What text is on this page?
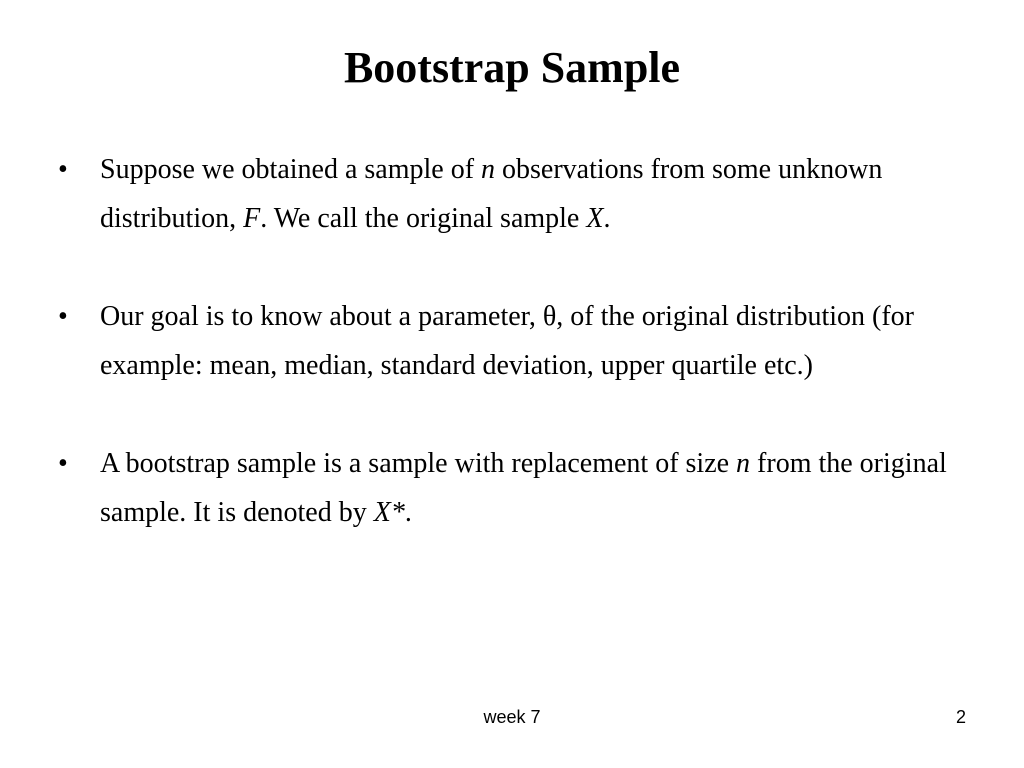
Bootstrap Sample
•	Suppose we obtained a sample of n observations from some unknown distribution, F. We call the original sample X.
•	Our goal is to know about a parameter, θ, of the original distribution (for example: mean, median, standard deviation, upper quartile etc.)
•	A bootstrap sample is a sample with replacement of size n from the original sample. It is denoted by X*.
week 7	2
